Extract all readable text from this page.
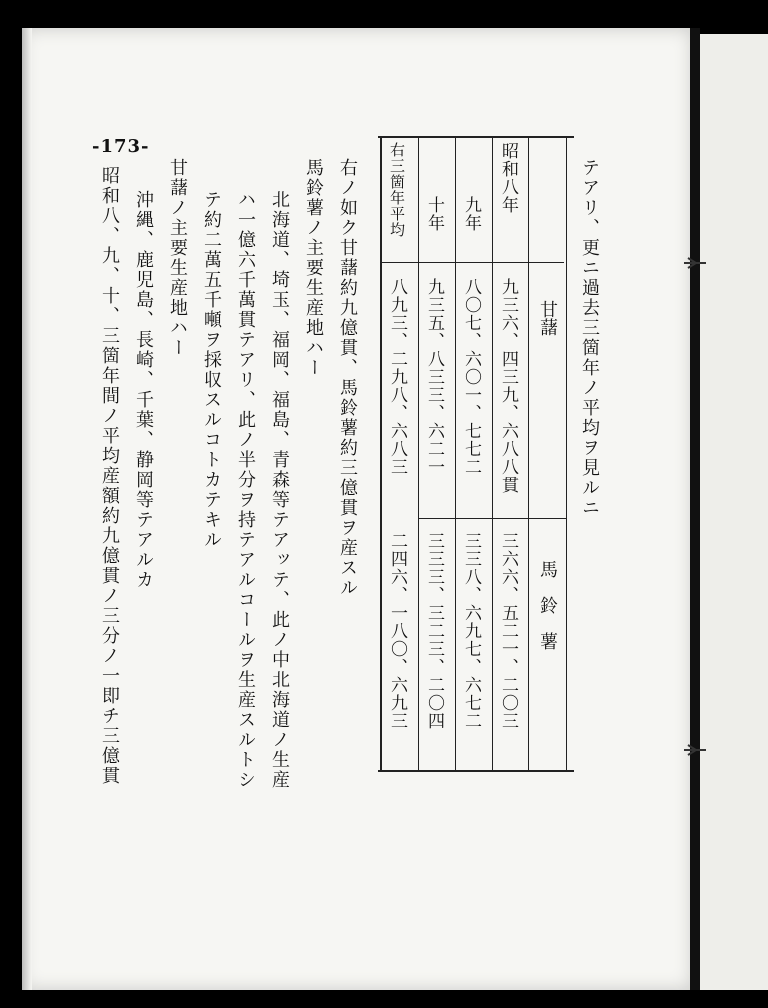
-173-
テアリ、更ニ過去三箇年ノ平均ヲ見ルニ
右ノ如ク甘藷約九億貫、馬鈴薯約三億貫ヲ産スル
馬鈴薯ノ主要生産地ハー
北海道、埼玉、福岡、福島、青森等テアッテ、此ノ中北海道ノ生産
ハ一億六千萬貫テアリ、此ノ半分ヲ持テアルコールヲ生産スルトシ
テ約二萬五千噸ヲ採収スルコトカテキル
甘藷ノ主要生産地ハー
沖縄、鹿児島、長崎、千葉、静岡等テアルカ
昭和八、九、十、三箇年間ノ平均産額約九億貫ノ三分ノ一即チ三億貫	甘藷
馬鈴薯
昭和八年
九三六、四三九、六八八貫
三六六、五二一、二〇三
九年
八〇七、六〇一、七七二
三三八、六九七、六七二
十年
九三五、八三三、六二一
三三三、三二三、二〇四
右三箇年平均
八九三、二九八、六八三
二四六、一八〇、六九三
